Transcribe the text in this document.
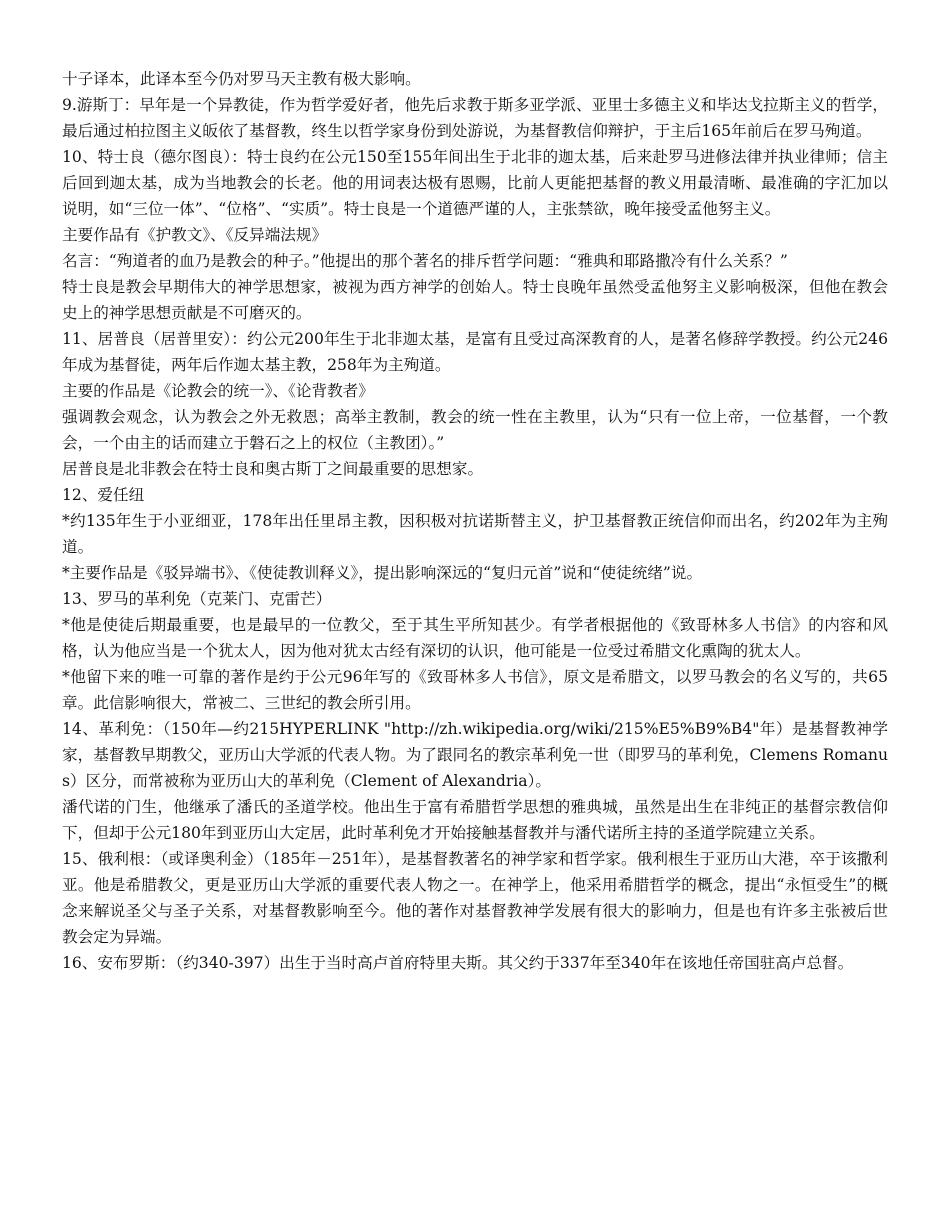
十子译本，此译本至今仍对罗马天主教有极大影响。

9.游斯丁：早年是一个异教徒，作为哲学爱好者，他先后求教于斯多亚学派、亚里士多德主义和毕达戈拉斯主义的哲学，最后通过柏拉图主义皈依了基督教，终生以哲学家身份到处游说，为基督教信仰辩护，于主后165年前后在罗马殉道。

10、特士良（德尔图良）：特士良约在公元150至155年间出生于北非的迦太基，后来赴罗马进修法律并执业律师；信主后回到迦太基，成为当地教会的长老。他的用词表达极有恩赐，比前人更能把基督的教义用最清晰、最准确的字汇加以说明，如“三位一体”、“位格”、“实质”。特士良是一个道德严谨的人，主张禁欲，晚年接受孟他努主义。

主要作品有《护教文》、《反异端法规》

名言：“殉道者的血乃是教会的种子。”他提出的那个著名的排斥哲学问题：“雅典和耶路撒冷有什么关系？”

特士良是教会早期伟大的神学思想家，被视为西方神学的创始人。特士良晚年虽然受孟他努主义影响极深，但他在教会史上的神学思想贡献是不可磨灭的。

11、居普良（居普里安）：约公元200年生于北非迦太基，是富有且受过高深教育的人，是著名修辞学教授。约公元246年成为基督徒，两年后作迦太基主教，258年为主殉道。

主要的作品是《论教会的统一》、《论背教者》

强调教会观念，认为教会之外无救恩；高举主教制，教会的统一性在主教里，认为“只有一位上帝，一位基督，一个教会，一个由主的话而建立于磐石之上的权位（主教团）。”

居普良是北非教会在特士良和奥古斯丁之间最重要的思想家。

12、爱任纽

*约135年生于小亚细亚，178年出任里昂主教，因积极对抗诺斯替主义，护卫基督教正统信仰而出名，约202年为主殉道。

*主要作品是《驳异端书》、《使徒教训释义》，提出影响深远的“复归元首”说和“使徒统绪”说。

13、罗马的革利免（克莱门、克雷芒）

*他是使徒后期最重要，也是最早的一位教父，至于其生平所知甚少。有学者根据他的《致哥林多人书信》的内容和风格，认为他应当是一个犹太人，因为他对犹太古经有深切的认识，他可能是一位受过希腊文化熏陶的犹太人。

*他留下来的唯一可靠的著作是约于公元96年写的《致哥林多人书信》，原文是希腊文，以罗马教会的名义写的，共65章。此信影响很大，常被二、三世纪的教会所引用。

14、革利免：（150年—约215HYPERLINK "http://zh.wikipedia.org/wiki/215%E5%B9%B4"年）是基督教神学家，基督教早期教父，亚历山大学派的代表人物。为了跟同名的教宗革利免一世（即罗马的革利免，Clemens Romanus）区分，而常被称为亚历山大的革利免（Clement of Alexandria）。

潘代诺的门生，他继承了潘氏的圣道学校。他出生于富有希腊哲学思想的雅典城，虽然是出生在非纯正的基督宗教信仰下，但却于公元180年到亚历山大定居，此时革利免才开始接触基督教并与潘代诺所主持的圣道学院建立关系。

15、俄利根：（或译奥利金）（185年－251年），是基督教著名的神学家和哲学家。俄利根生于亚历山大港，卒于该撒利亚。他是希腊教父，更是亚历山大学派的重要代表人物之一。在神学上，他采用希腊哲学的概念，提出“永恒受生”的概念来解说圣父与圣子关系，对基督教影响至今。他的著作对基督教神学发展有很大的影响力，但是也有许多主张被后世教会定为异端。

16、安布罗斯：（约340-397）出生于当时高卢首府特里夫斯。其父约于337年至340年在该地任帝国驻高卢总督。
